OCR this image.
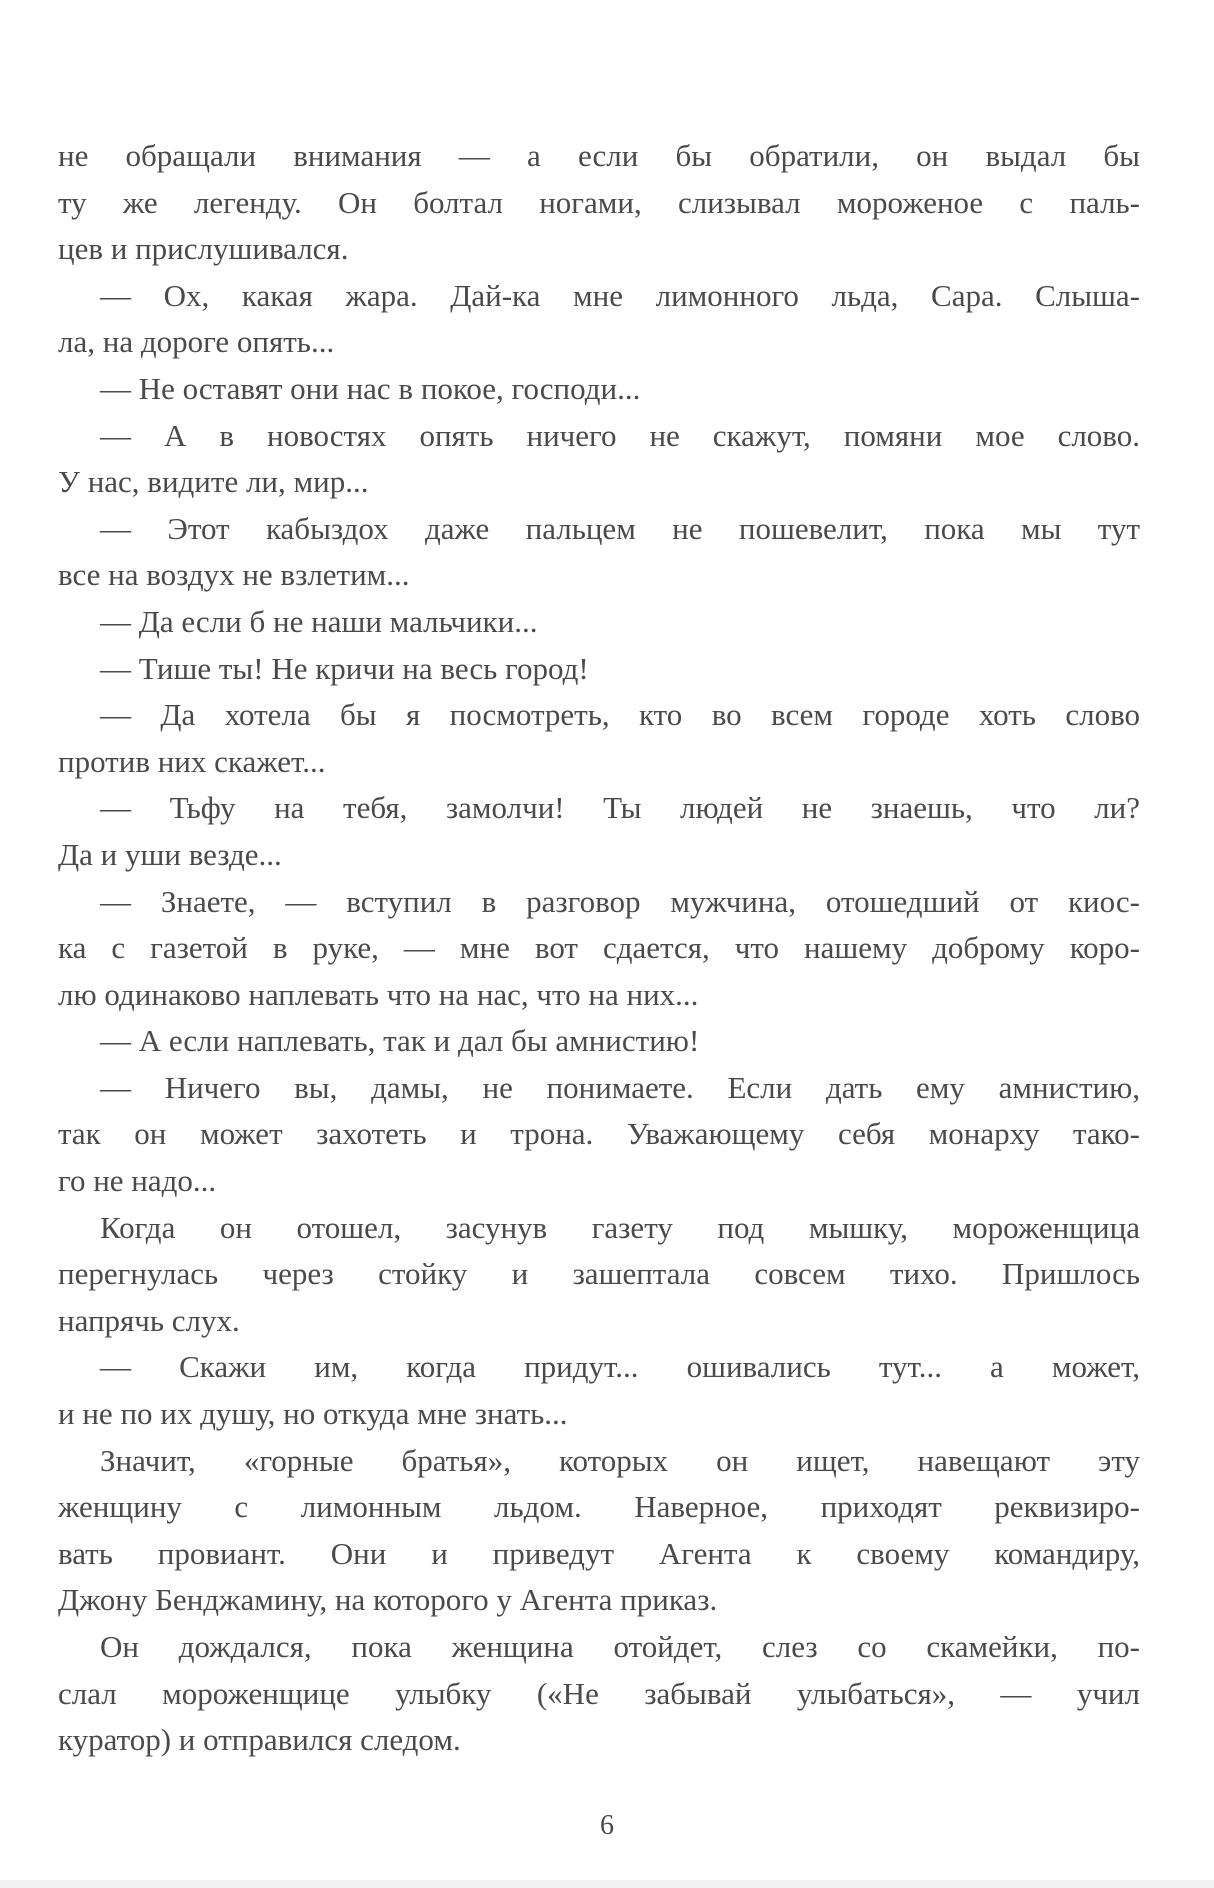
не обращали внимания — а если бы обратили, он выдал бы
ту же легенду. Он болтал ногами, слизывал мороженое с паль-
цев и прислушивался.
— Ох, какая жара. Дай-ка мне лимонного льда, Сара. Слыша-
ла, на дороге опять...
— Не оставят они нас в покое, господи...
— А в новостях опять ничего не скажут, помяни мое слово.
У нас, видите ли, мир...
— Этот кабыздох даже пальцем не пошевелит, пока мы тут
все на воздух не взлетим...
— Да если б не наши мальчики...
— Тише ты! Не кричи на весь город!
— Да хотела бы я посмотреть, кто во всем городе хоть слово
против них скажет...
— Тьфу на тебя, замолчи! Ты людей не знаешь, что ли?
Да и уши везде...
— Знаете, — вступил в разговор мужчина, отошедший от киос-
ка с газетой в руке, — мне вот сдается, что нашему доброму коро-
лю одинаково наплевать что на нас, что на них...
— А если наплевать, так и дал бы амнистию!
— Ничего вы, дамы, не понимаете. Если дать ему амнистию,
так он может захотеть и трона. Уважающему себя монарху тако-
го не надо...
Когда он отошел, засунув газету под мышку, мороженщица
перегнулась через стойку и зашептала совсем тихо. Пришлось
напрячь слух.
— Скажи им, когда придут... ошивались тут... а может,
и не по их душу, но откуда мне знать...
Значит, «горные братья», которых он ищет, навещают эту
женщину с лимонным льдом. Наверное, приходят реквизиро-
вать провиант. Они и приведут Агента к своему командиру,
Джону Бенджамину, на которого у Агента приказ.
Он дождался, пока женщина отойдет, слез со скамейки, по-
слал мороженщице улыбку («Не забывай улыбаться», — учил
куратор) и отправился следом.
6
